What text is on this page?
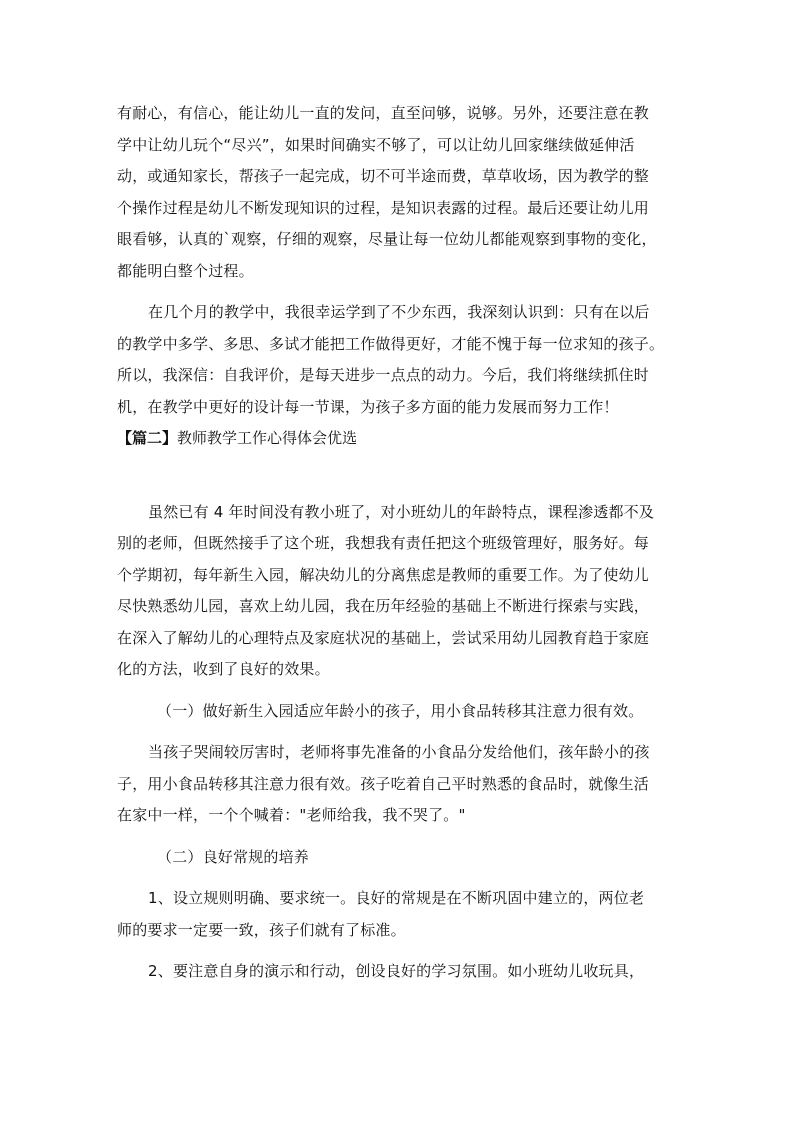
有耐心，有信心，能让幼儿一直的发问，直至问够，说够。另外，还要注意在教
学中让幼儿玩个“尽兴”，如果时间确实不够了，可以让幼儿回家继续做延伸活
动，或通知家长，帮孩子一起完成，切不可半途而费，草草收场，因为教学的整
个操作过程是幼儿不断发现知识的过程，是知识表露的过程。最后还要让幼儿用
眼看够，认真的`观察，仔细的观察，尽量让每一位幼儿都能观察到事物的变化，
都能明白整个过程。

在几个月的教学中，我很幸运学到了不少东西，我深刻认识到：只有在以后
的教学中多学、多思、多试才能把工作做得更好，才能不愧于每一位求知的孩子。
所以，我深信：自我评价，是每天进步一点点的动力。今后，我们将继续抓住时
机，在教学中更好的设计每一节课，为孩子多方面的能力发展而努力工作！

【篇二】教师教学工作心得体会优选

虽然已有 4 年时间没有教小班了，对小班幼儿的年龄特点，课程渗透都不及
别的老师，但既然接手了这个班，我想我有责任把这个班级管理好，服务好。每
个学期初，每年新生入园，解决幼儿的分离焦虑是教师的重要工作。为了使幼儿
尽快熟悉幼儿园，喜欢上幼儿园，我在历年经验的基础上不断进行探索与实践，
在深入了解幼儿的心理特点及家庭状况的基础上，尝试采用幼儿园教育趋于家庭
化的方法，收到了良好的效果。

（一）做好新生入园适应年龄小的孩子，用小食品转移其注意力很有效。

当孩子哭闹较厉害时，老师将事先准备的小食品分发给他们，孩年龄小的孩
子，用小食品转移其注意力很有效。孩子吃着自己平时熟悉的食品时，就像生活
在家中一样，一个个喊着："老师给我，我不哭了。"

（二）良好常规的培养

1、设立规则明确、要求统一。良好的常规是在不断巩固中建立的，两位老
师的要求一定要一致，孩子们就有了标准。

2、要注意自身的演示和行动，创设良好的学习氛围。如小班幼儿收玩具，
